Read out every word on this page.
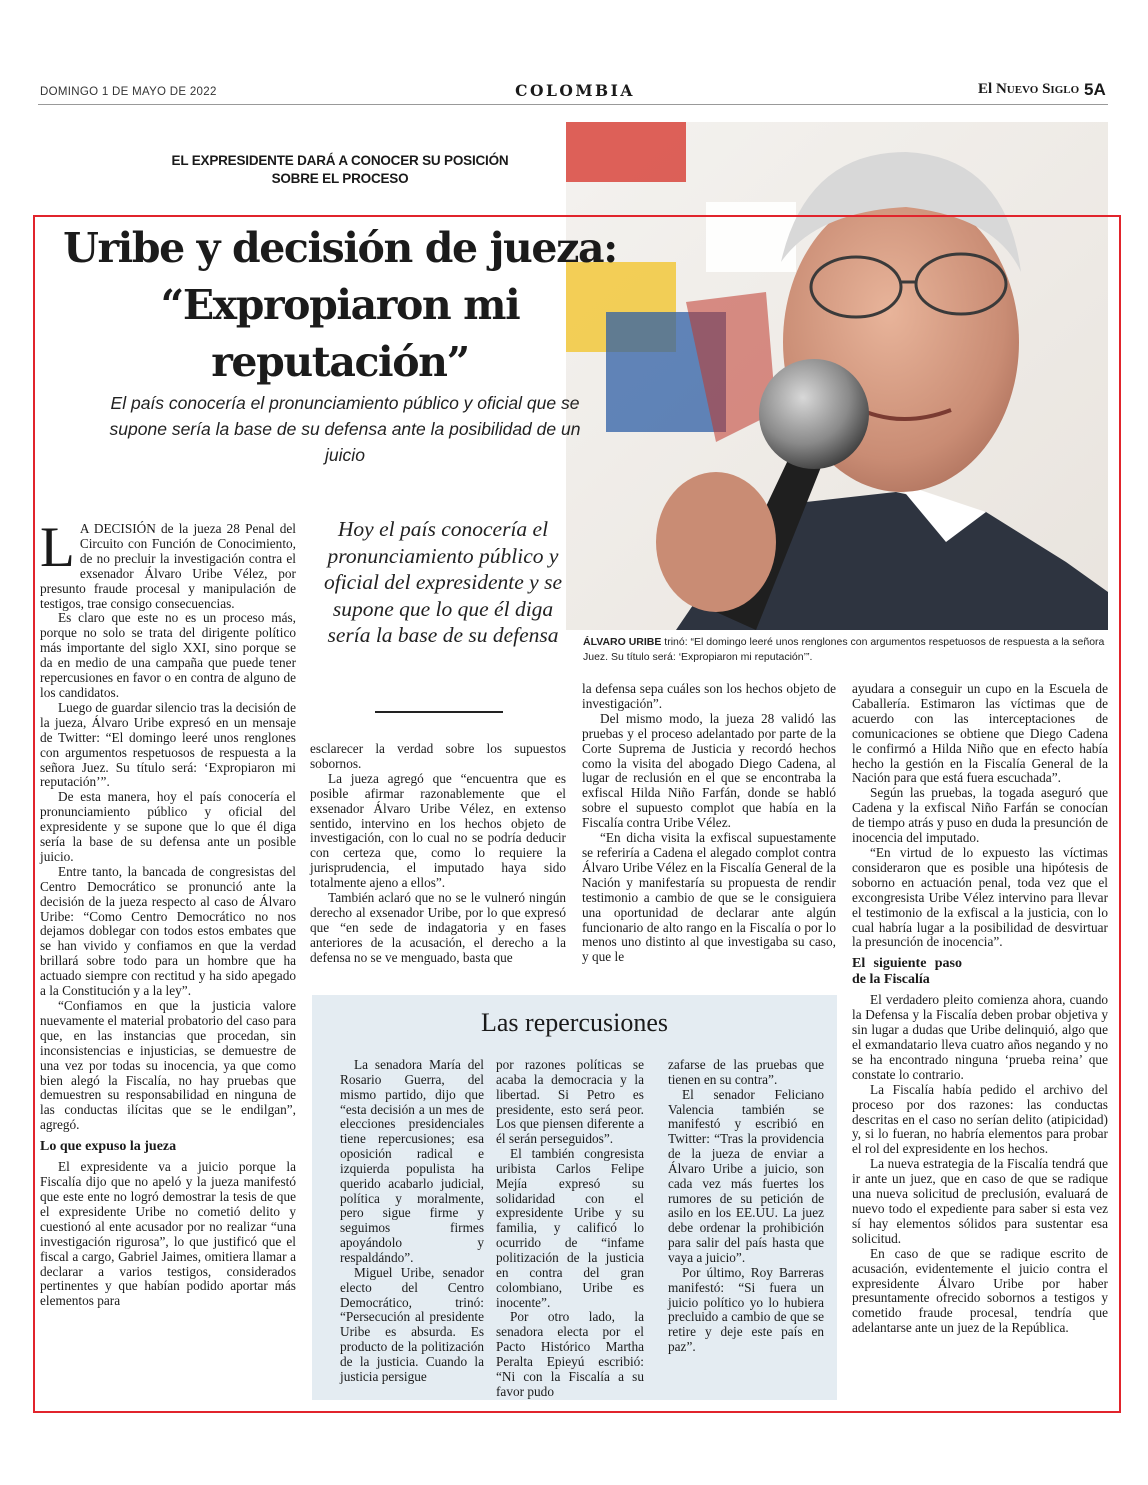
DOMINGO 1 DE MAYO DE 2022	COLOMBIA	El Nuevo Siglo 5A
EL EXPRESIDENTE DARÁ A CONOCER SU POSICIÓN SOBRE EL PROCESO
Uribe y decisión de jueza: “Expropiaron mi reputación”
El país conocería el pronunciamiento público y oficial que se supone sería la base de su defensa ante la posibilidad de un juicio
Hoy el país conocería el pronunciamiento público y oficial del expresidente y se supone que lo que él diga sería la base de su defensa	ÁLVARO URIBE trinó: “El domingo leeré unos renglones con argumentos respetuosos de respuesta a la señora Juez. Su título será: ‘Expropiaron mi reputación’”.

L A DECISIÓN de la jueza 28 Penal del Circuito con Función de Conocimiento, de no precluir la investigación contra el exsenador Álvaro Uribe Vélez, por presunto fraude procesal y manipulación de testigos, trae consigo consecuencias.

Es claro que este no es un proceso más, porque no solo se trata del dirigente político más importante del siglo XXI, sino porque se da en medio de una campaña que puede tener repercusiones en favor o en contra de alguno de los candidatos.

Luego de guardar silencio tras la decisión de la jueza, Álvaro Uribe expresó en un mensaje de Twitter: “El domingo leeré unos renglones con argumentos respetuosos de respuesta a la señora Juez. Su título será: ‘Expropiaron mi reputación’”.

De esta manera, hoy el país conocería el pronunciamiento público y oficial del expresidente y se supone que lo que él diga sería la base de su defensa ante un posible juicio.

Entre tanto, la bancada de congresistas del Centro Democrático se pronunció ante la decisión de la jueza respecto al caso de Álvaro Uribe: “Como Centro Democrático no nos dejamos doblegar con todos estos embates que se han vivido y confiamos en que la verdad brillará sobre todo para un hombre que ha actuado siempre con rectitud y ha sido apegado a la Constitución y a la ley”.

“Confiamos en que la justicia valore nuevamente el material probatorio del caso para que, en las instancias que procedan, sin inconsistencias e injusticias, se demuestre de una vez por todas su inocencia, ya que como bien alegó la Fiscalía, no hay pruebas que demuestren su responsabilidad en ninguna de las conductas ilícitas que se le endilgan”, agregó.

Lo que expuso la jueza

El expresidente va a juicio porque la Fiscalía dijo que no apeló y la jueza manifestó que este ente no logró demostrar la tesis de que el expresidente Uribe no cometió delito y cuestionó al ente acusador por no realizar “una investigación rigurosa”, lo que justificó que el fiscal a cargo, Gabriel Jaimes, omitiera llamar a declarar a varios testigos, considerados pertinentes y que habían podido aportar más elementos para

esclarecer la verdad sobre los supuestos sobornos.

La jueza agregó que “encuentra que es posible afirmar razonablemente que el exsenador Álvaro Uribe Vélez, en extenso sentido, intervino en los hechos objeto de investigación, con lo cual no se podría deducir con certeza que, como lo requiere la jurisprudencia, el imputado haya sido totalmente ajeno a ellos”.

También aclaró que no se le vulneró ningún derecho al exsenador Uribe, por lo que expresó que “en sede de indagatoria y en fases anteriores de la acusación, el derecho a la defensa no se ve menguado, basta que

la defensa sepa cuáles son los hechos objeto de investigación”.

Del mismo modo, la jueza 28 validó las pruebas y el proceso adelantado por parte de la Corte Suprema de Justicia y recordó hechos como la visita del abogado Diego Cadena, al lugar de reclusión en el que se encontraba la exfiscal Hilda Niño Farfán, donde se habló sobre el supuesto complot que había en la Fiscalía contra Uribe Vélez.

“En dicha visita la exfiscal supuestamente se referiría a Cadena el alegado complot contra Álvaro Uribe Vélez en la Fiscalía General de la Nación y manifestaría su propuesta de rendir testimonio a cambio de que se le consiguiera una oportunidad de declarar ante algún funcionario de alto rango en la Fiscalía o por lo menos uno distinto al que investigaba su caso, y que le

ayudara a conseguir un cupo en la Escuela de Caballería. Estimaron las víctimas que de acuerdo con las interceptaciones de comunicaciones se obtiene que Diego Cadena le confirmó a Hilda Niño que en efecto había hecho la gestión en la Fiscalía General de la Nación para que está fuera escuchada”.

Según las pruebas, la togada aseguró que Cadena y la exfiscal Niño Farfán se conocían de tiempo atrás y puso en duda la presunción de inocencia del imputado.

“En virtud de lo expuesto las víctimas consideraron que es posible una hipótesis de soborno en actuación penal, toda vez que el excongresista Uribe Vélez intervino para llevar el testimonio de la exfiscal a la justicia, con lo cual habría lugar a la posibilidad de desvirtuar la presunción de inocencia”.

El siguiente paso de la Fiscalía

El verdadero pleito comienza ahora, cuando la Defensa y la Fiscalía deben probar objetiva y sin lugar a dudas que Uribe delinquió, algo que el exmandatario lleva cuatro años negando y no se ha encontrado ninguna ‘prueba reina’ que constate lo contrario.

La Fiscalía había pedido el archivo del proceso por dos razones: las conductas descritas en el caso no serían delito (atipicidad) y, si lo fueran, no habría elementos para probar el rol del expresidente en los hechos.

La nueva estrategia de la Fiscalía tendrá que ir ante un juez, que en caso de que se radique una nueva solicitud de preclusión, evaluará de nuevo todo el expediente para saber si esta vez sí hay elementos sólidos para sustentar esa solicitud.

En caso de que se radique escrito de acusación, evidentemente el juicio contra el expresidente Álvaro Uribe por haber presuntamente ofrecido sobornos a testigos y cometido fraude procesal, tendría que adelantarse ante un juez de la República.

Las repercusiones

La senadora María del Rosario Guerra, del mismo partido, dijo que “esta decisión a un mes de elecciones presidenciales tiene repercusiones; esa oposición radical e izquierda populista ha querido acabarlo judicial, política y moralmente, pero sigue firme y seguimos firmes apoyándolo y respaldándo”.

Miguel Uribe, senador electo del Centro Democrático, trinó: “Persecución al presidente Uribe es absurda. Es producto de la politización de la justicia. Cuando la justicia persigue

por razones políticas se acaba la democracia y la libertad. Si Petro es presidente, esto será peor. Los que piensen diferente a él serán perseguidos”.

El también congresista uribista Carlos Felipe Mejía expresó su solidaridad con el expresidente Uribe y su familia, y calificó lo ocurrido de “infame politización de la justicia en contra del gran colombiano, Uribe es inocente”.

Por otro lado, la senadora electa por el Pacto Histórico Martha Peralta Epieyú escribió: “Ni con la Fiscalía a su favor pudo

zafarse de las pruebas que tienen en su contra”.

El senador Feliciano Valencia también se manifestó y escribió en Twitter: “Tras la providencia de la jueza de enviar a Álvaro Uribe a juicio, son cada vez más fuertes los rumores de su petición de asilo en los EE.UU. La juez debe ordenar la prohibición para salir del país hasta que vaya a juicio”.

Por último, Roy Barreras manifestó: “Si fuera un juicio político yo lo hubiera precluido a cambio de que se retire y deje este país en paz”.
